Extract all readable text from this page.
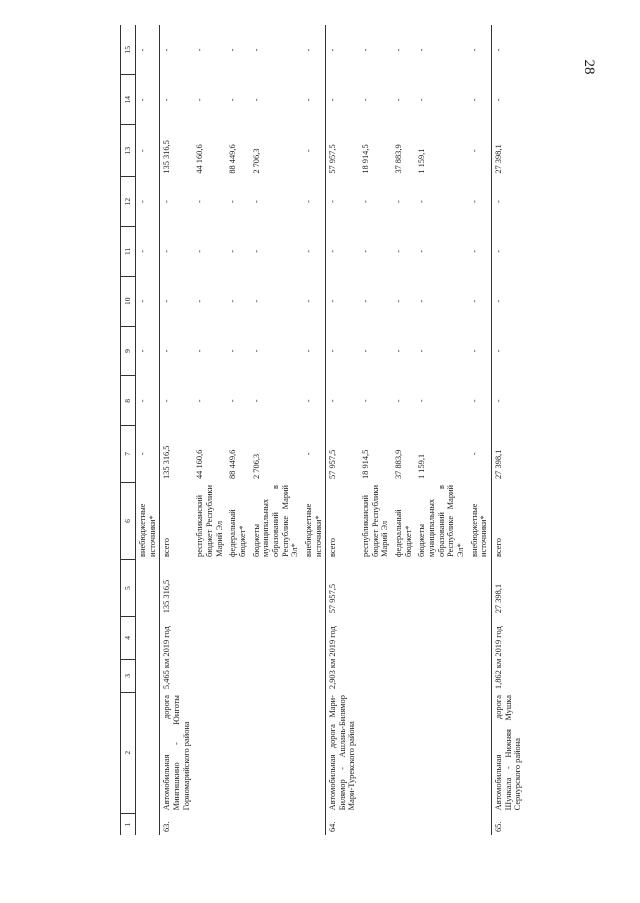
28
1	2	3	4	5	6	7	8	9	10	11	12	13	14	15
					внебюджетные источники*	-	-	-	-	-	-	-	-	-
63.	Автомобильная дорога Мингишкино - Юнготы Горномарийского района	5,465 км	2019 год	135 316,5	всего	135 316,5	-	-	-	-	-	135 316,5	-	-
					республиканский бюджет Республики Марий Эл	44 160,6	-	-	-	-	-	44 160,6	-	-
					федеральный бюджет*	88 449,6	-	-	-	-	-	88 449,6	-	-
					бюджеты муниципальных образований в Республике Марий Эл*	2 706,3	-	-	-	-	-	2 706,3	-	-
					внебюджетные источники*	-	-	-	-	-	-	-	-	-
64.	Автомобильная дорога Мари-Билямор - Ашлань-Билямор Мари-Турекского района	2,903 км	2019 год	57 957,5	всего	57 957,5	-	-	-	-	-	57 957,5	-	-
					республиканский бюджет Республики Марий Эл	18 914,5	-	-	-	-	-	18 914,5	-	-
					федеральный бюджет*	37 883,9	-	-	-	-	-	37 883,9	-	-
					бюджеты муниципальных образований в Республике Марий Эл*	1 159,1	-	-	-	-	-	1 159,1	-	-
					внебюджетные источники*	-	-	-	-	-	-	-	-	-
65.	Автомобильная дорога Шункала - Нижняя Мушка Сернурского района	1,862 км	2019 год	27 398,1	всего	27 398,1	-	-	-	-	-	27 398,1	-	-
